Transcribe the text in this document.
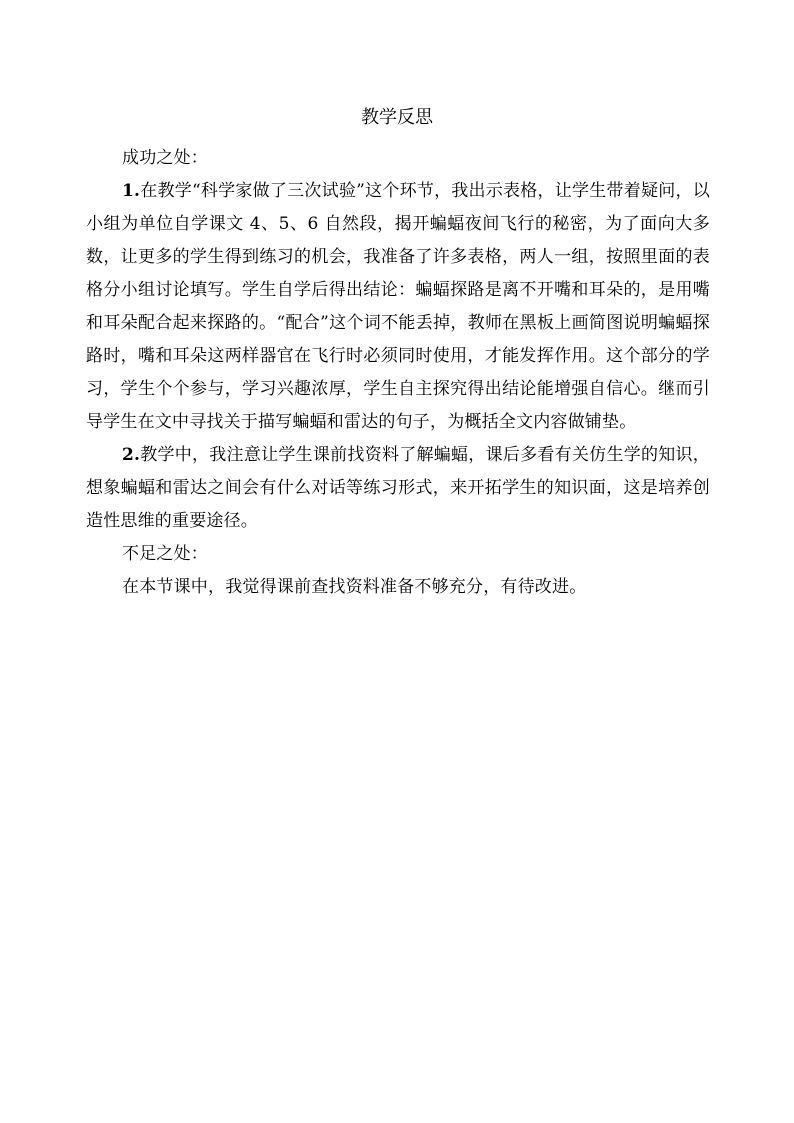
教学反思

成功之处：

1.在教学“科学家做了三次试验”这个环节，我出示表格，让学生带着疑问，以小组为单位自学课文 4、5、6 自然段，揭开蝙蝠夜间飞行的秘密，为了面向大多数，让更多的学生得到练习的机会，我准备了许多表格，两人一组，按照里面的表格分小组讨论填写。学生自学后得出结论：蝙蝠探路是离不开嘴和耳朵的，是用嘴和耳朵配合起来探路的。“配合”这个词不能丢掉，教师在黑板上画简图说明蝙蝠探路时，嘴和耳朵这两样器官在飞行时必须同时使用，才能发挥作用。这个部分的学习，学生个个参与，学习兴趣浓厚，学生自主探究得出结论能增强自信心。继而引导学生在文中寻找关于描写蝙蝠和雷达的句子，为概括全文内容做铺垫。

2.教学中，我注意让学生课前找资料了解蝙蝠，课后多看有关仿生学的知识，想象蝙蝠和雷达之间会有什么对话等练习形式，来开拓学生的知识面，这是培养创造性思维的重要途径。

不足之处：

在本节课中，我觉得课前查找资料准备不够充分，有待改进。
